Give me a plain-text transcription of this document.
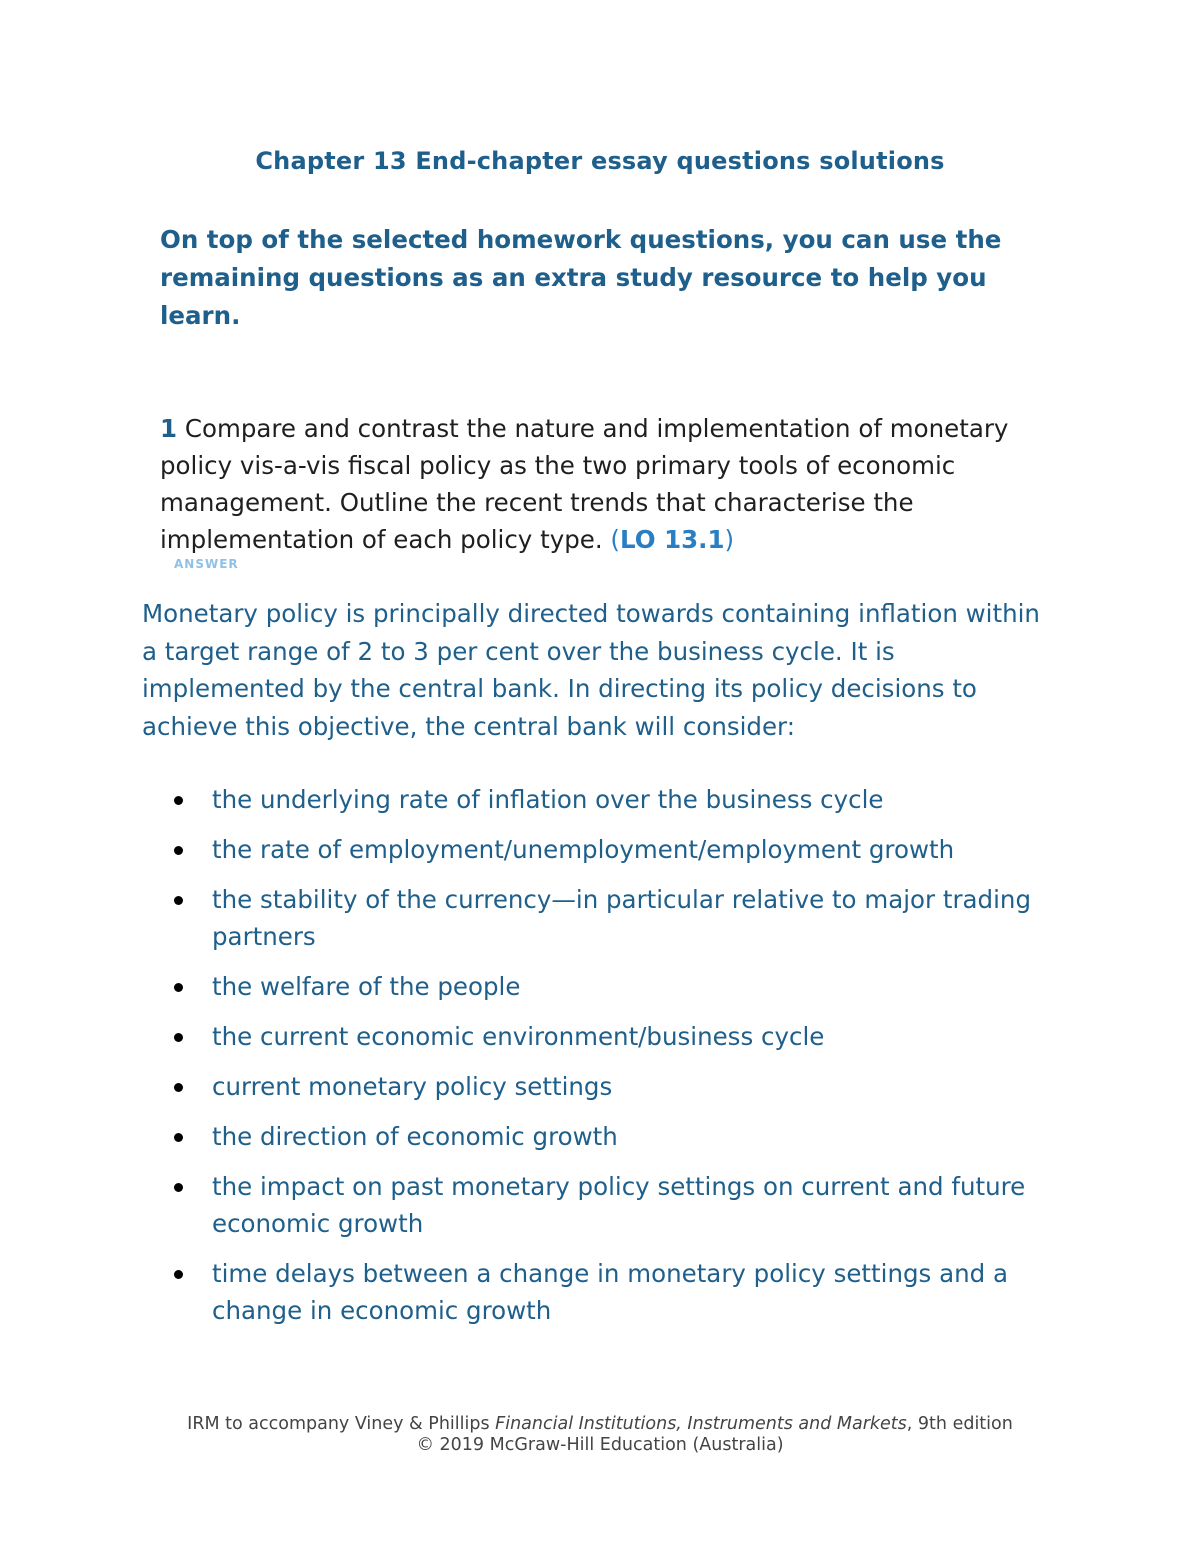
Chapter 13 End-chapter essay questions solutions
On top of the selected homework questions, you can use the remaining questions as an extra study resource to help you learn.
1 Compare and contrast the nature and implementation of monetary policy vis-a-vis fiscal policy as the two primary tools of economic management. Outline the recent trends that characterise the implementation of each policy type. (LO 13.1)
ANSWER
Monetary policy is principally directed towards containing inflation within a target range of 2 to 3 per cent over the business cycle. It is implemented by the central bank. In directing its policy decisions to achieve this objective, the central bank will consider:
the underlying rate of inflation over the business cycle
the rate of employment/unemployment/employment growth
the stability of the currency—in particular relative to major trading partners
the welfare of the people
the current economic environment/business cycle
current monetary policy settings
the direction of economic growth
the impact on past monetary policy settings on current and future economic growth
time delays between a change in monetary policy settings and a change in economic growth
IRM to accompany Viney & Phillips Financial Institutions, Instruments and Markets, 9th edition
© 2019 McGraw-Hill Education (Australia)
